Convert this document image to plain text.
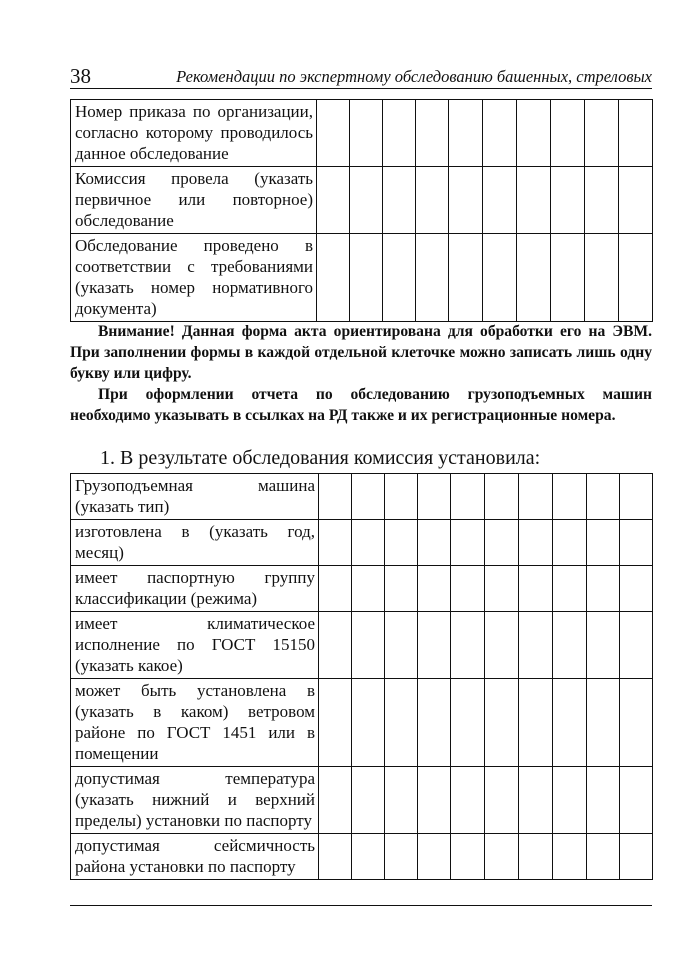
38	Рекомендации по экспертному обследованию башенных, стреловых
Номер приказа по организации, согласно которому проводилось данное обследование										
Комиссия провела (указать первичное или повторное) обследование										
Обследование проведено в соответствии с требованиями (указать номер нормативного документа)										

Внимание! Данная форма акта ориентирована для обработки его на ЭВМ. При заполнении формы в каждой отдельной клеточке можно записать лишь одну букву или цифру.

При оформлении отчета по обследованию грузоподъемных машин необходимо указывать в ссылках на РД также и их регистрационные номера.

1. В результате обследования комиссия установила:
Грузоподъемная машина (указать тип)										
изготовлена в (указать год, месяц)										
имеет паспортную группу классификации (режима)										
имеет климатическое исполнение по ГОСТ 15150 (указать какое)										
может быть установлена в (указать в каком) ветровом районе по ГОСТ 1451 или в помещении										
допустимая температура (указать нижний и верхний пределы) установки по паспорту										
допустимая сейсмичность района установки по паспорту										
